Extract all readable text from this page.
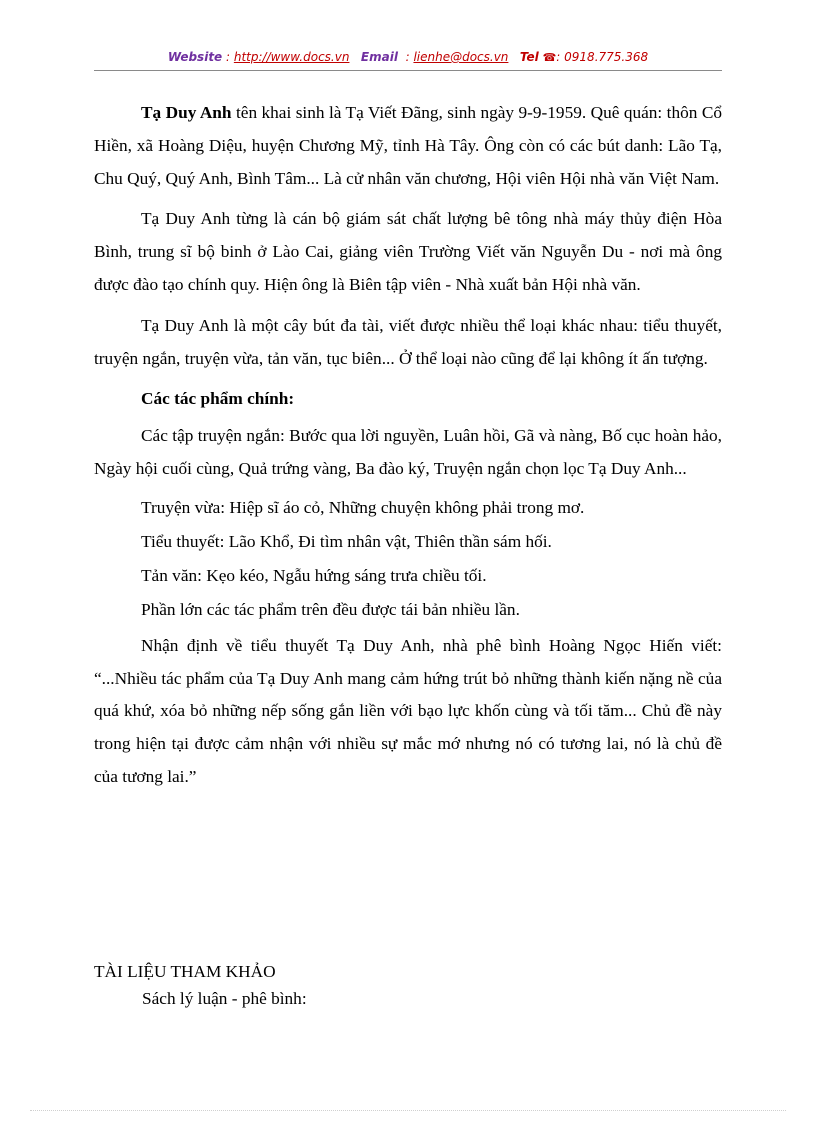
Website : http://www.docs.vn Email  : lienhe@docs.vn Tel ☎: 0918.775.368

Tạ Duy Anh tên khai sinh là Tạ Viết Đãng, sinh ngày 9-9-1959. Quê quán: thôn Cổ Hiền, xã Hoàng Diệu, huyện Chương Mỹ, tỉnh Hà Tây. Ông còn có các bút danh: Lão Tạ, Chu Quý, Quý Anh, Bình Tâm... Là cử nhân văn chương, Hội viên Hội nhà văn Việt Nam.

Tạ Duy Anh từng là cán bộ giám sát chất lượng bê tông nhà máy thủy điện Hòa Bình, trung sĩ bộ binh ở Lào Cai, giảng viên Trường Viết văn Nguyễn Du - nơi mà ông được đào tạo chính quy. Hiện ông là Biên tập viên - Nhà xuất bản Hội nhà văn.

Tạ Duy Anh là một cây bút đa tài, viết được nhiều thể loại khác nhau: tiểu thuyết, truyện ngắn, truyện vừa, tản văn, tục biên... Ở thể loại nào cũng để lại không ít ấn tượng.

Các tác phẩm chính:

Các tập truyện ngắn: Bước qua lời nguyền, Luân hồi, Gã và nàng, Bố cục hoàn hảo, Ngày hội cuối cùng, Quả trứng vàng, Ba đào ký, Truyện ngắn chọn lọc Tạ Duy Anh...

Truyện vừa: Hiệp sĩ áo cỏ, Những chuyện không phải trong mơ.

Tiểu thuyết: Lão Khổ, Đi tìm nhân vật, Thiên thần sám hối.

Tản văn: Kẹo kéo, Ngẫu hứng sáng trưa chiều tối.

Phần lớn các tác phẩm trên đều được tái bản nhiều lần.

Nhận định về tiểu thuyết Tạ Duy Anh, nhà phê bình Hoàng Ngọc Hiến viết: “...Nhiều tác phẩm của Tạ Duy Anh mang cảm hứng trút bỏ những thành kiến nặng nề của quá khứ, xóa bỏ những nếp sống gắn liền với bạo lực khốn cùng và tối tăm... Chủ đề này trong hiện tại được cảm nhận với nhiều sự mắc mớ nhưng nó có tương lai, nó là chủ đề của tương lai.”

TÀI LIỆU THAM KHẢO
Sách lý luận - phê bình:
